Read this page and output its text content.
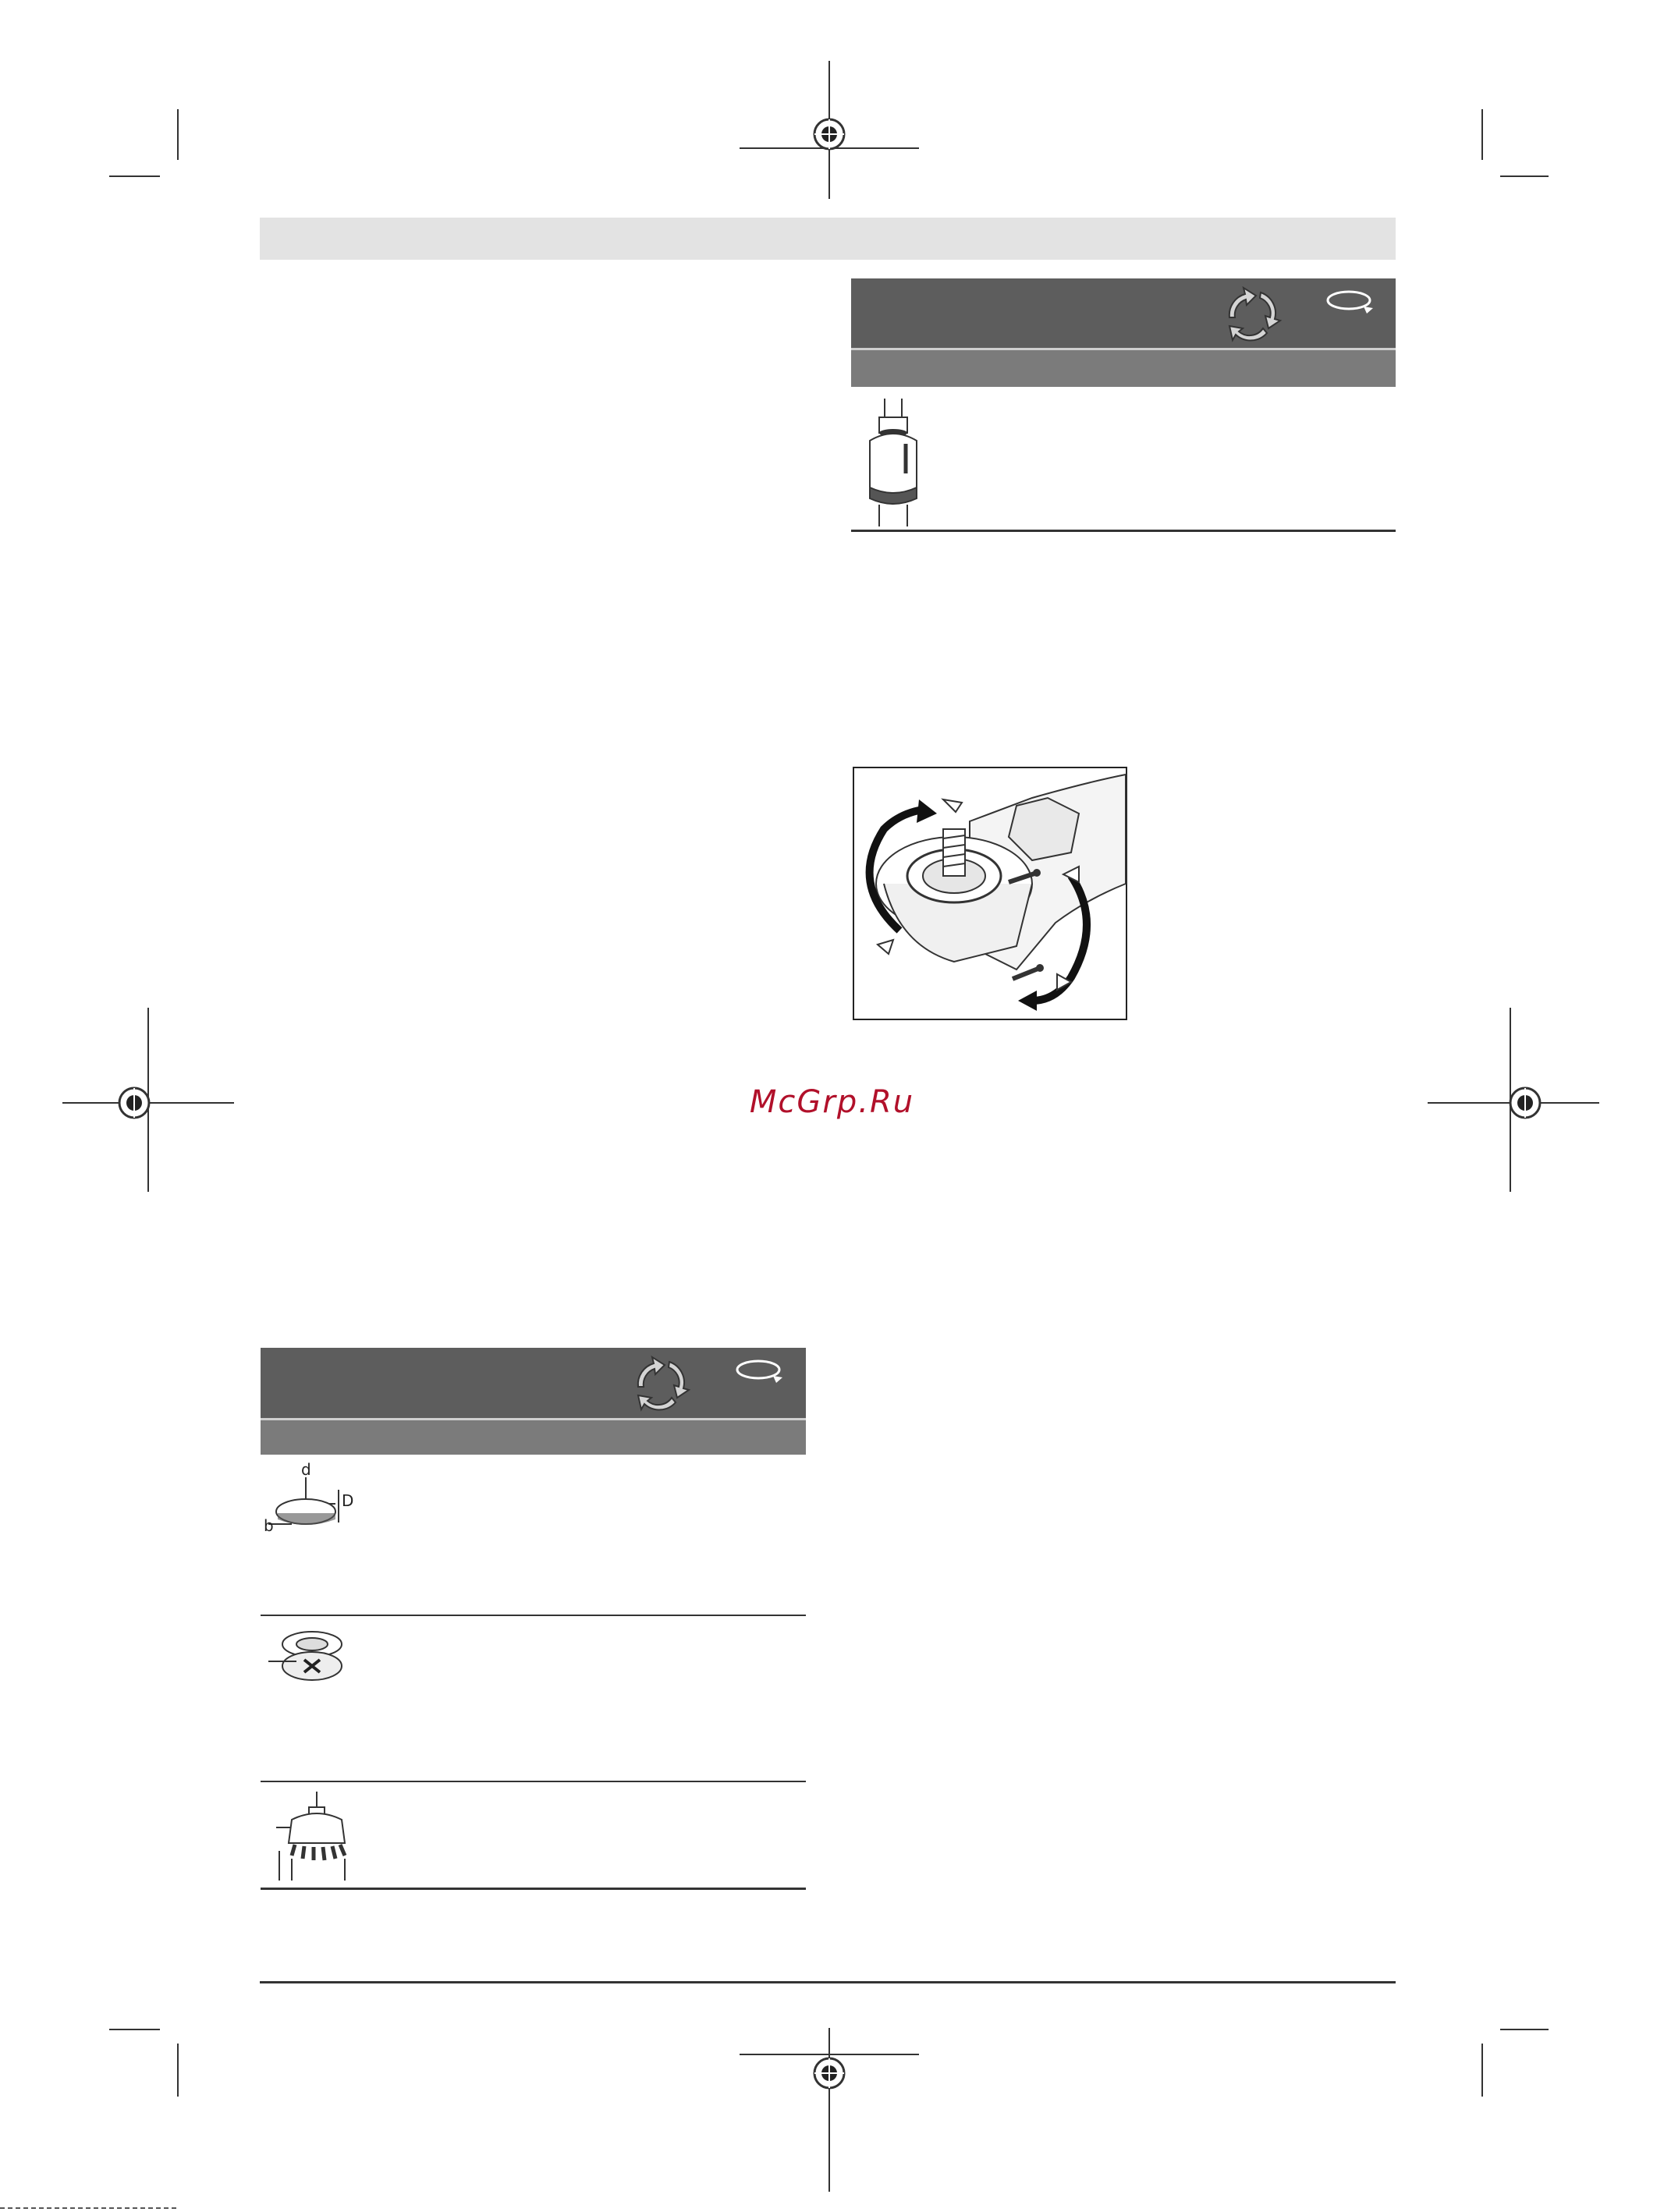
McGrp.Ru
d
D
b
